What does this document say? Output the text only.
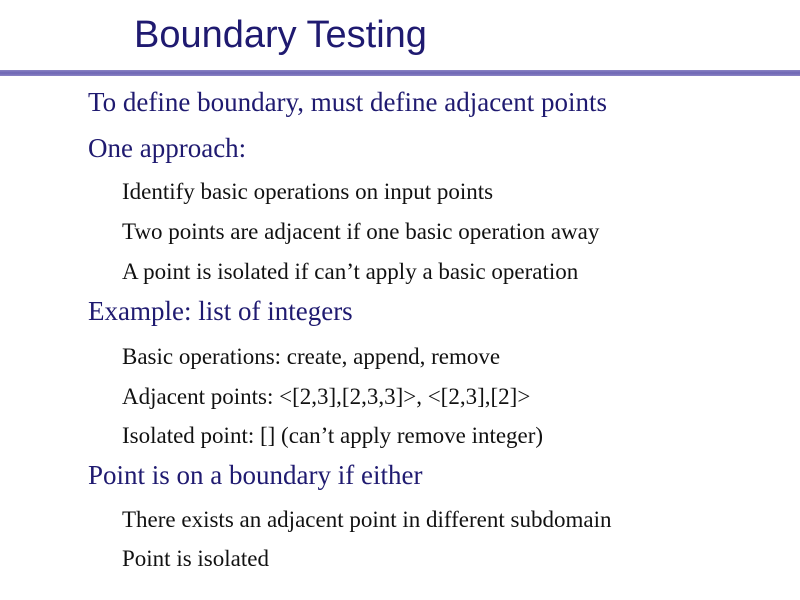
Boundary Testing
To define boundary, must define adjacent points
One approach:
Identify basic operations on input points
Two points are adjacent if one basic operation away
A point is isolated if can’t apply a basic operation
Example: list of integers
Basic operations: create, append, remove
Adjacent points: <[2,3],[2,3,3]>, <[2,3],[2]>
Isolated point: [] (can’t apply remove integer)
Point is on a boundary if either
There exists an adjacent point in different subdomain
Point is isolated
